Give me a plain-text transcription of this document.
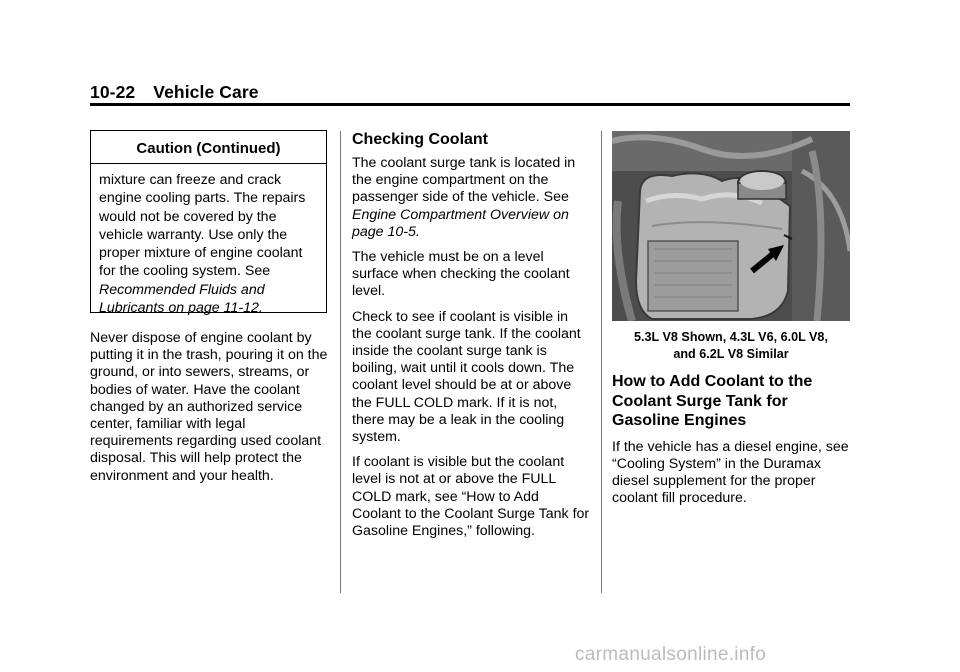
10-22 Vehicle Care
Caution (Continued)
mixture can freeze and crack engine cooling parts. The repairs would not be covered by the vehicle warranty. Use only the proper mixture of engine coolant for the cooling system. See Recommended Fluids and Lubricants on page 11-12.

Never dispose of engine coolant by putting it in the trash, pouring it on the ground, or into sewers, streams, or bodies of water. Have the coolant changed by an authorized service center, familiar with legal requirements regarding used coolant disposal. This will help protect the environment and your health.

Checking Coolant

The coolant surge tank is located in the engine compartment on the passenger side of the vehicle. See Engine Compartment Overview on page 10-5.

The vehicle must be on a level surface when checking the coolant level.

Check to see if coolant is visible in the coolant surge tank. If the coolant inside the coolant surge tank is boiling, wait until it cools down. The coolant level should be at or above the FULL COLD mark. If it is not, there may be a leak in the cooling system.

If coolant is visible but the coolant level is not at or above the FULL COLD mark, see “How to Add Coolant to the Coolant Surge Tank for Gasoline Engines,” following.

5.3L V8 Shown, 4.3L V6, 6.0L V8,
and 6.2L V8 Similar
How to Add Coolant to the Coolant Surge Tank for Gasoline Engines

If the vehicle has a diesel engine, see “Cooling System” in the Duramax diesel supplement for the proper coolant fill procedure.

carmanualsonline.info
